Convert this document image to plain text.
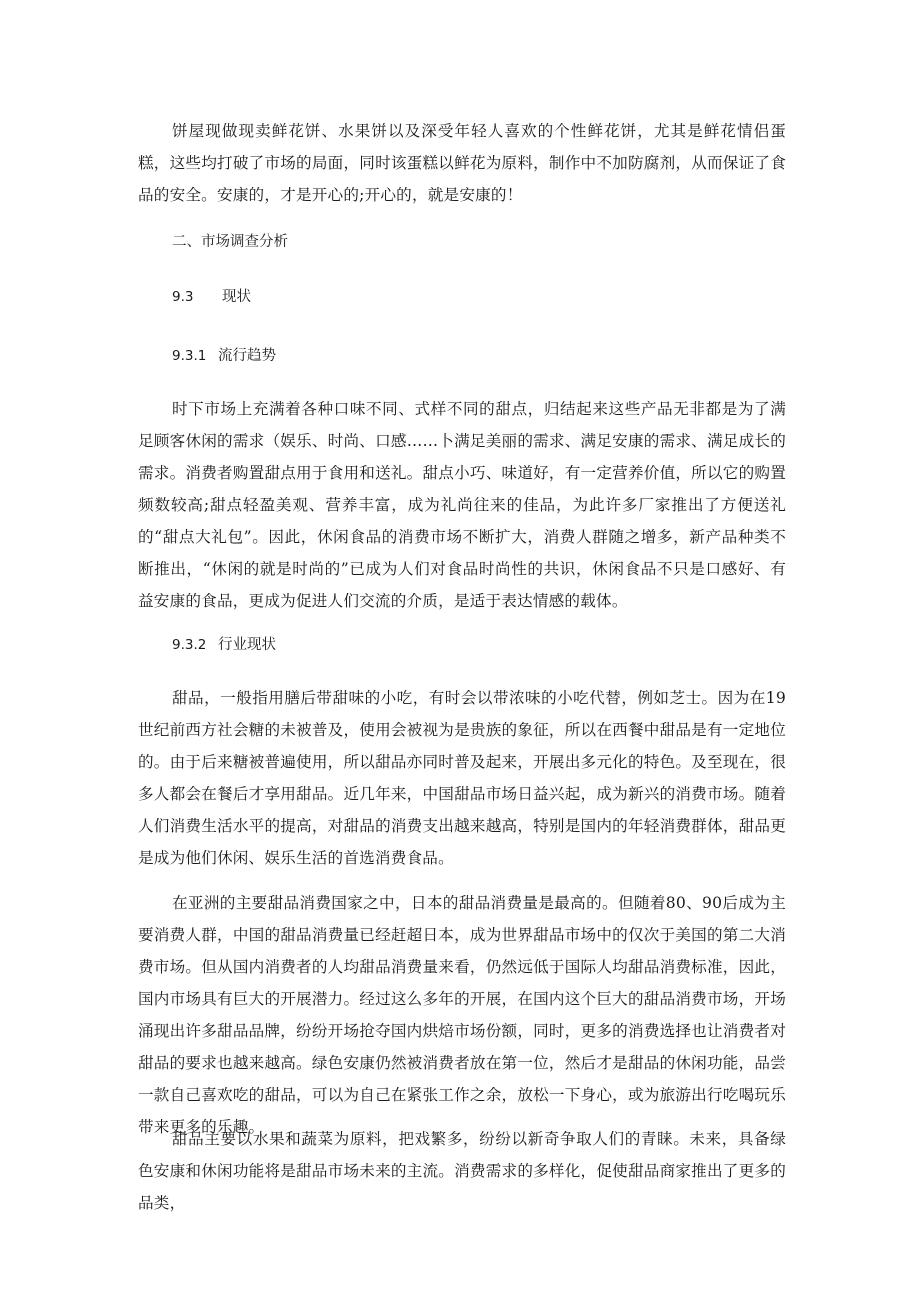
饼屋现做现卖鲜花饼、水果饼以及深受年轻人喜欢的个性鲜花饼，尤其是鲜花情侣蛋糕，这些均打破了市场的局面，同时该蛋糕以鲜花为原料，制作中不加防腐剂，从而保证了食品的安全。安康的，才是开心的;开心的，就是安康的！

二、市场调查分析

9.3 现状

9.3.1 流行趋势

时下市场上充满着各种口味不同、式样不同的甜点，归结起来这些产品无非都是为了满足顾客休闲的需求（娱乐、时尚、口感……卜满足美丽的需求、满足安康的需求、满足成长的需求。消费者购置甜点用于食用和送礼。甜点小巧、味道好，有一定营养价值，所以它的购置频数较高;甜点轻盈美观、营养丰富，成为礼尚往来的佳品，为此许多厂家推出了方便送礼的“甜点大礼包”。因此，休闲食品的消费市场不断扩大，消费人群随之增多，新产品种类不断推出，“休闲的就是时尚的”已成为人们对食品时尚性的共识，休闲食品不只是口感好、有益安康的食品，更成为促进人们交流的介质，是适于表达情感的载体。

9.3.2 行业现状

甜品，一般指用膳后带甜味的小吃，有时会以带浓味的小吃代替，例如芝士。因为在19世纪前西方社会糖的未被普及，使用会被视为是贵族的象征，所以在西餐中甜品是有一定地位的。由于后来糖被普遍使用，所以甜品亦同时普及起来，开展出多元化的特色。及至现在，很多人都会在餐后才享用甜品。近几年来，中国甜品市场日益兴起，成为新兴的消费市场。随着人们消费生活水平的提高，对甜品的消费支出越来越高，特别是国内的年轻消费群体，甜品更是成为他们休闲、娱乐生活的首选消费食品。

在亚洲的主要甜品消费国家之中，日本的甜品消费量是最高的。但随着80、90后成为主要消费人群，中国的甜品消费量已经赶超日本，成为世界甜品市场中的仅次于美国的第二大消费市场。但从国内消费者的人均甜品消费量来看，仍然远低于国际人均甜品消费标准，因此，国内市场具有巨大的开展潜力。经过这么多年的开展，在国内这个巨大的甜品消费市场，开场涌现出许多甜品品牌，纷纷开场抢夺国内烘焙市场份额，同时，更多的消费选择也让消费者对甜品的要求也越来越高。绿色安康仍然被消费者放在第一位，然后才是甜品的休闲功能，品尝一款自己喜欢吃的甜品，可以为自己在紧张工作之余，放松一下身心，或为旅游出行吃喝玩乐带来更多的乐趣。

甜品主要以水果和蔬菜为原料，把戏繁多，纷纷以新奇争取人们的青睐。未来，具备绿色安康和休闲功能将是甜品市场未来的主流。消费需求的多样化，促使甜品商家推出了更多的品类，
